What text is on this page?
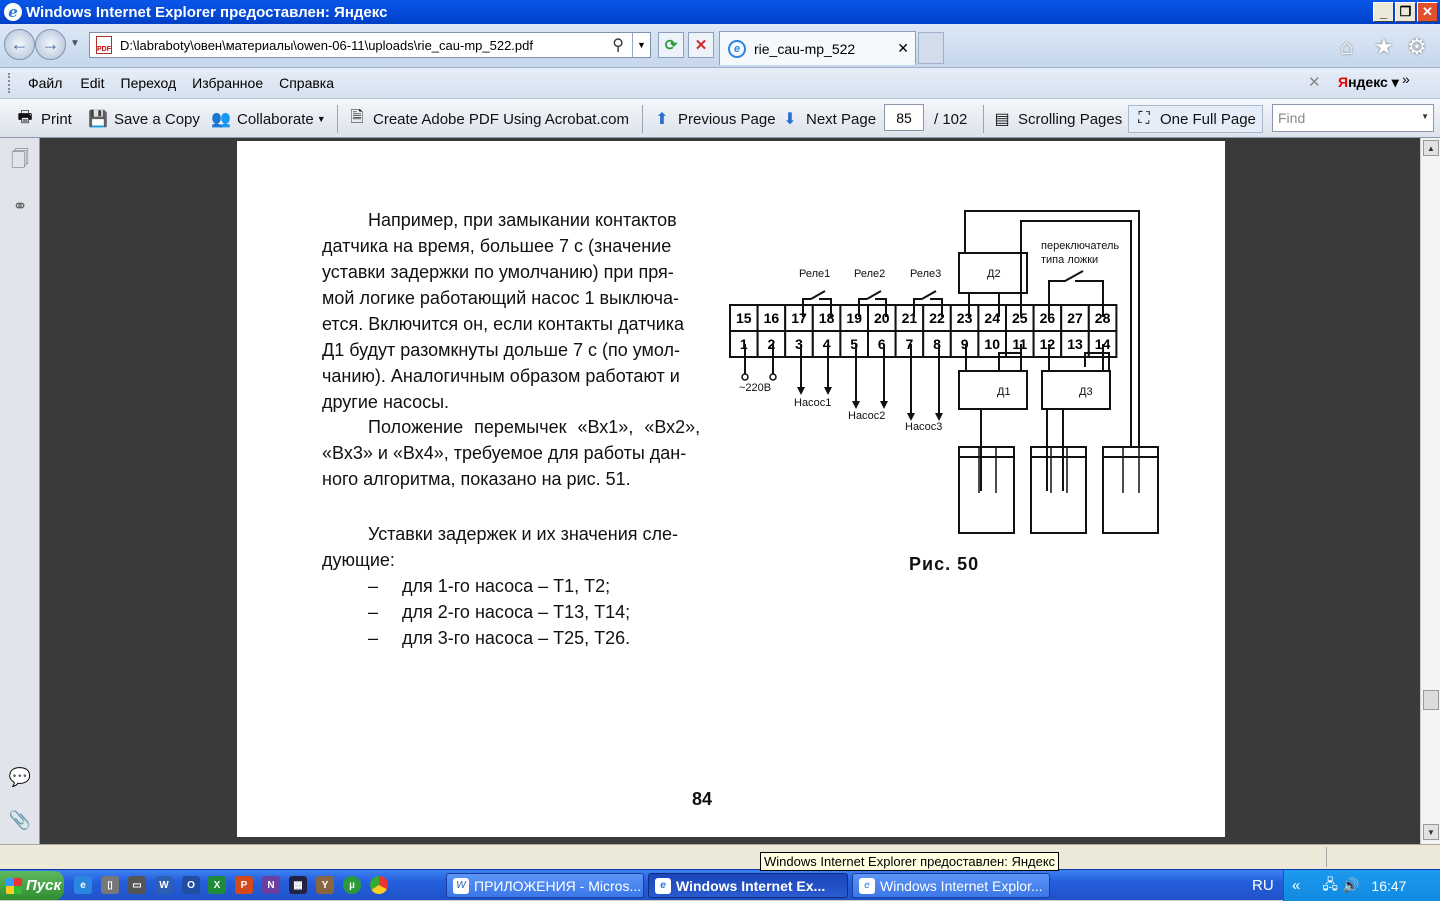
e Windows Internet Explorer предоставлен: Яндекс	_ ❐ ✕
← →	▼
PDF D:\labraboty\овен\материалы\owen-06-11\uploads\rie_cau-mp_522.pdf	⚲	▼	⟳	✕	e rie_cau-mp_522	✕	⌂ ★ ⚙
Файл Edit Переход Избранное Справка	✕ Яндекс ▾ »
🖶 Print 💾 Save a Copy 👥 Collaborate ▼ 🗎 Create Adobe PDF Using Acrobat.com ⬆ Previous Page ⬇ Next Page	/ 102 ▤ Scrolling Pages	⛶ One Full Page
85	Find	▼
🗍
⚭
💬
📎
Например, при замыкании контактов
датчика на время, большее 7 с (значение
уставки задержки по умолчанию) при пря-
мой логике работающий насос 1 выключа-
ется. Включится он, если контакты датчика
Д1 будут разомкнуты дольше 7 с (по умол-
чанию). Аналогичным образом работают и
другие насосы.
Положение перемычек «Вх1», «Вх2»,
«Вх3» и «Вх4», требуемое для работы дан-
ного алгоритма, показано на рис. 51.
Уставки задержек и их значения сле-
дующие:
– для 1-го насоса – Т1, Т2;
– для 2-го насоса – Т13, Т14;
– для 3-го насоса – Т25, Т26.
84
Рис. 50
15 16 17 18 19 20 21 22 23 24 25 26 27 28
1 2 3 4 5 6 7 8 9 10 11 12 13 14
Реле1 Реле2 Реле3	Д2
переключатель
типа ложки
Д1	Д3
~220В
Насос1
Насос2
Насос3
▲
▼
Windows Internet Explorer предоставлен: Яндекс
Пуск	e	▯	▭	W	O	X	P	N	▦	Y	µ	W ПРИЛОЖЕНИЯ - Micros...	e Windows Internet Ex...	e Windows Internet Explor...	RU « 🖧 🔊 16:47
